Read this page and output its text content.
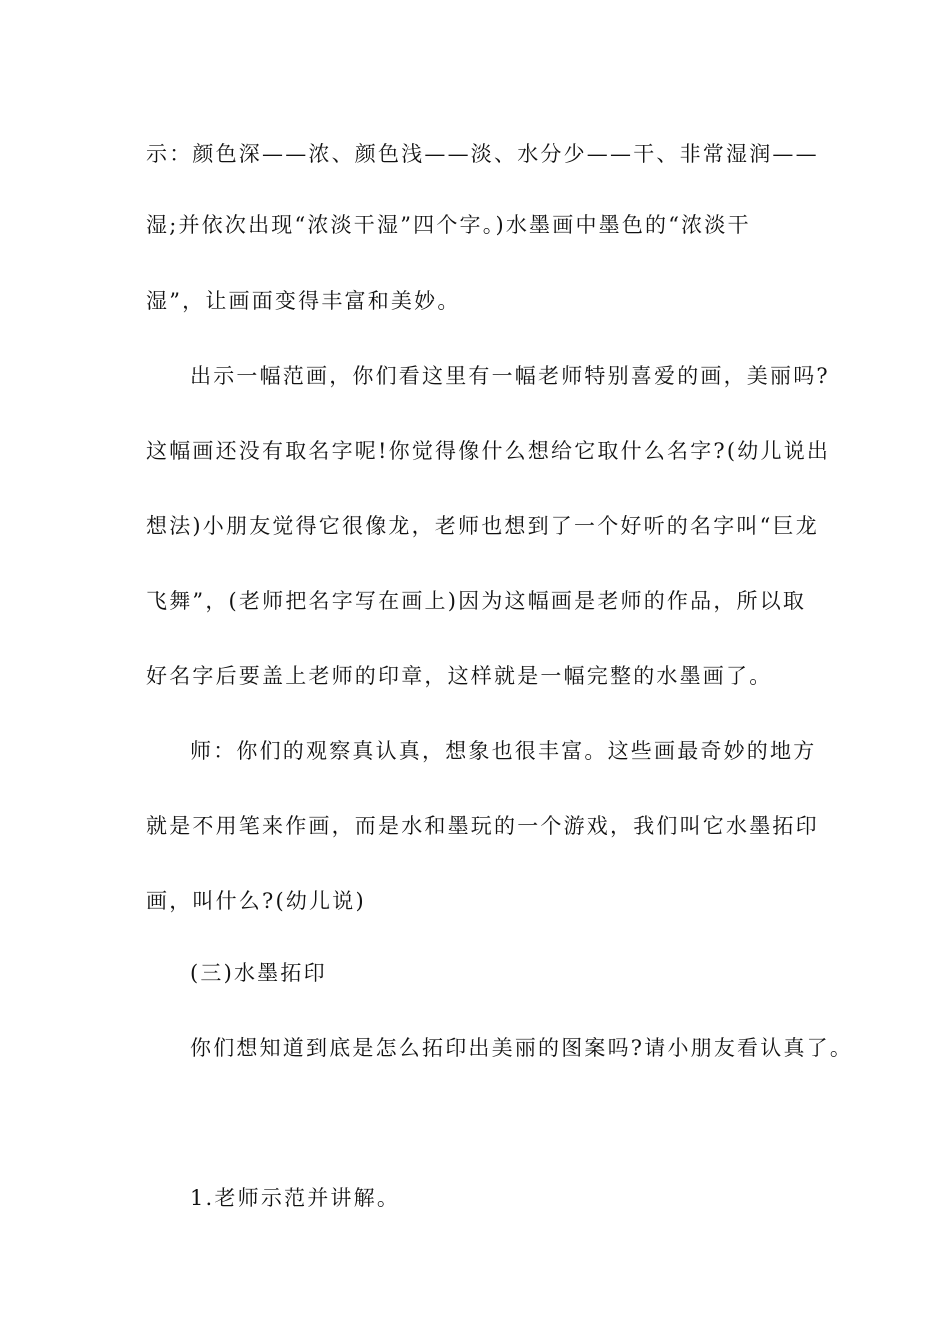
示：颜色深——浓、颜色浅——淡、水分少——干、非常湿润——
湿;并依次出现“浓淡干湿”四个字。)水墨画中墨色的“浓淡干
湿”，让画面变得丰富和美妙。
出示一幅范画，你们看这里有一幅老师特别喜爱的画，美丽吗?
这幅画还没有取名字呢!你觉得像什么想给它取什么名字?(幼儿说出
想法)小朋友觉得它很像龙，老师也想到了一个好听的名字叫“巨龙
飞舞”，(老师把名字写在画上)因为这幅画是老师的作品，所以取
好名字后要盖上老师的印章，这样就是一幅完整的水墨画了。
师：你们的观察真认真，想象也很丰富。这些画最奇妙的地方
就是不用笔来作画，而是水和墨玩的一个游戏，我们叫它水墨拓印
画，叫什么?(幼儿说)
(三)水墨拓印
你们想知道到底是怎么拓印出美丽的图案吗?请小朋友看认真了。
1.老师示范并讲解。
